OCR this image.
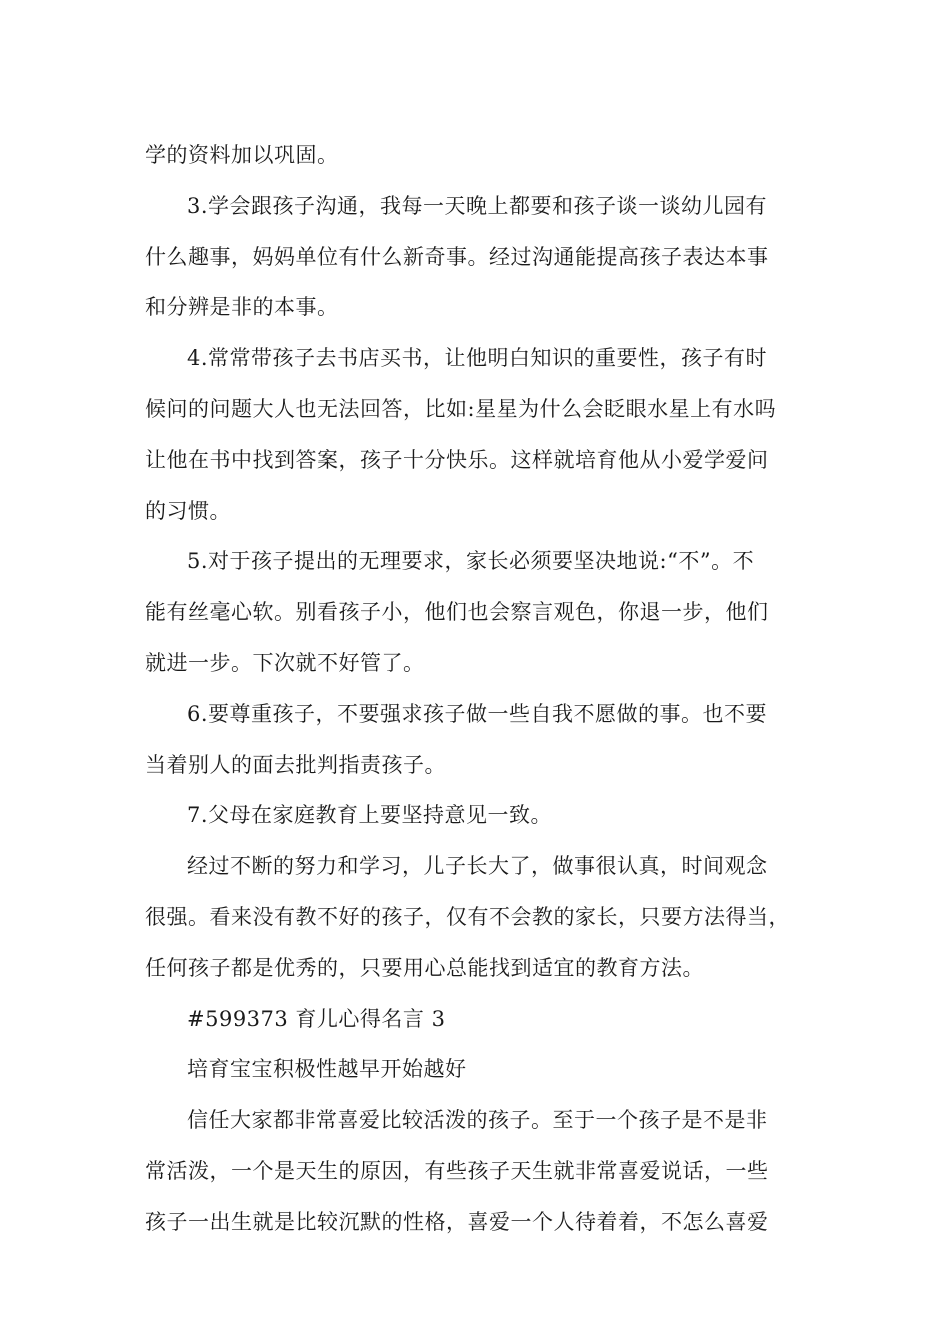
学的资料加以巩固。
3.学会跟孩子沟通，我每一天晚上都要和孩子谈一谈幼儿园有
什么趣事，妈妈单位有什么新奇事。经过沟通能提高孩子表达本事
和分辨是非的本事。
4.常常带孩子去书店买书，让他明白知识的重要性，孩子有时
候问的问题大人也无法回答，比如:星星为什么会眨眼水星上有水吗
让他在书中找到答案，孩子十分快乐。这样就培育他从小爱学爱问
的习惯。
5.对于孩子提出的无理要求，家长必须要坚决地说:“不”。不
能有丝毫心软。别看孩子小，他们也会察言观色，你退一步，他们
就进一步。下次就不好管了。
6.要尊重孩子，不要强求孩子做一些自我不愿做的事。也不要
当着别人的面去批判指责孩子。
7.父母在家庭教育上要坚持意见一致。
经过不断的努力和学习，儿子长大了，做事很认真，时间观念
很强。看来没有教不好的孩子，仅有不会教的家长，只要方法得当，
任何孩子都是优秀的，只要用心总能找到适宜的教育方法。
#599373 育儿心得名言 3
培育宝宝积极性越早开始越好
信任大家都非常喜爱比较活泼的孩子。至于一个孩子是不是非
常活泼，一个是天生的原因，有些孩子天生就非常喜爱说话，一些
孩子一出生就是比较沉默的性格，喜爱一个人待着着，不怎么喜爱
